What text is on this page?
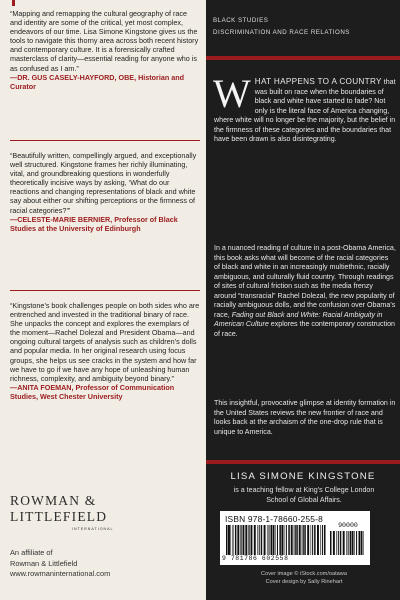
“Mapping and remapping the cultural geography of race and identity are some of the critical, yet most complex, endeavors of our time. Lisa Simone Kingstone gives us the tools to navigate this thorny area across both recent history and contemporary culture. It is a forensically crafted masterclass of clarity—essential reading for anyone who is as confused as I am.”

—DR. GUS CASELY-HAYFORD, OBE, Historian and Curator

“Beautifully written, compellingly argued, and exceptionally well structured. Kingstone frames her richly illuminating, vital, and groundbreaking questions in wonderfully theoretically incisive ways by asking, ‘What do our reactions and changing representations of black and white say about either our shifting perceptions or the firmness of racial categories?’”

—CELESTE-MARIE BERNIER, Professor of Black Studies at the University of Edinburgh

“Kingstone’s book challenges people on both sides who are entrenched and invested in the traditional binary of race. She unpacks the concept and explores the exemplars of the moment—Rachel Dolezal and President Obama—and ongoing cultural targets of analysis such as children’s dolls and popular media. In her original research using focus groups, she helps us see cracks in the system and how far we have to go if we have any hope of unleashing human richness, complexity, and ambiguity beyond binary.”

—ANITA FOEMAN, Professor of Communication Studies, West Chester University

ROWMAN &
LITTLEFIELD
INTERNATIONAL
An affiliate of
Rowman & Littlefield
www.rowmaninternational.com
BLACK STUDIES
DISCRIMINATION AND RACE RELATIONS
W HAT HAPPENS TO A COUNTRY that was built on race when the boundaries of black and white have started to fade? Not only is the literal face of America changing, where white will no longer be the majority, but the belief in the firmness of these categories and the boundaries that have been drawn is also disintegrating.

In a nuanced reading of culture in a post-Obama America, this book asks what will become of the racial categories of black and white in an increasingly multiethnic, racially ambiguous, and culturally fluid country. Through readings of sites of cultural friction such as the media frenzy around “transracial” Rachel Dolezal, the new popularity of racially ambiguous dolls, and the confusion over Obama’s race, Fading out Black and White: Racial Ambiguity in American Culture explores the contemporary construction of race.

This insightful, provocative glimpse at identity formation in the United States reviews the new frontier of race and looks back at the archaism of the one-drop rule that is unique to America.

LISA SIMONE KINGSTONE
is a teaching fellow at King’s College London School of Global Affairs.
ISBN 978-1-78660-255-8
90000
9 781786 602558
Cover image © iStock.com/oatawa
Cover design by Sally Rinehart
